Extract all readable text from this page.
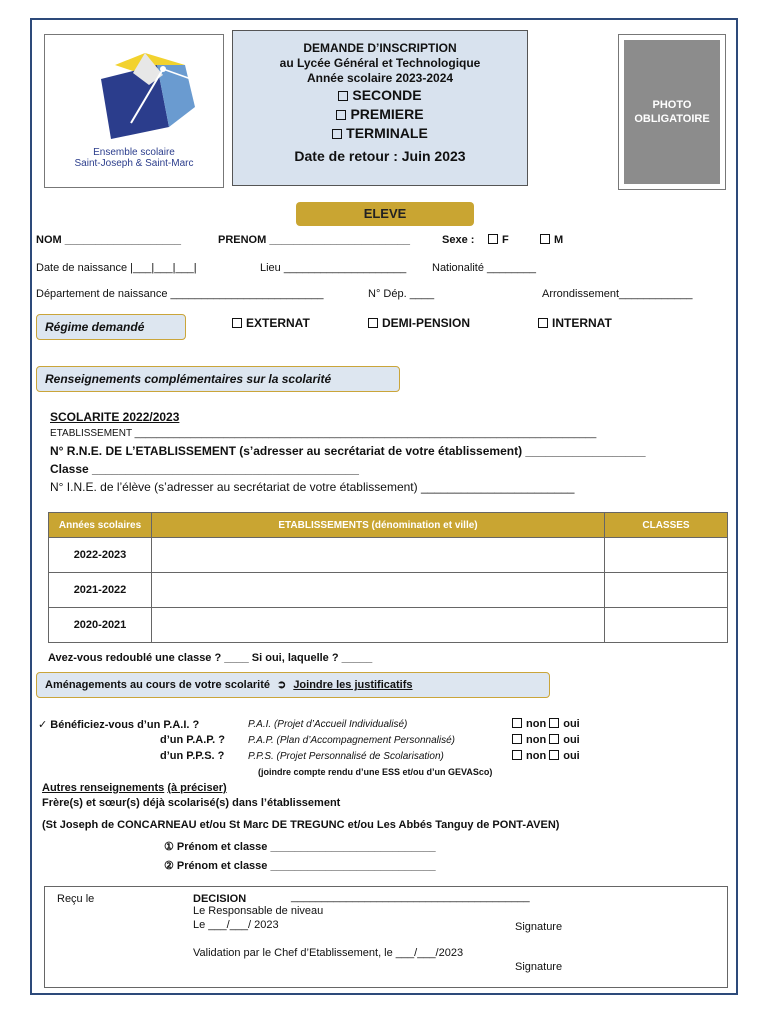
Ensemble scolaire
Saint-Joseph & Saint-Marc
DEMANDE D’INSCRIPTION
au Lycée Général et Technologique
Année scolaire 2023-2024
SECONDE
PREMIERE
TERMINALE
Date de retour : Juin 2023
PHOTO
OBLIGATOIRE
ELEVE
NOM ___________________	PRENOM _______________________	Sexe :	F	M
Date de naissance |___|___|___|	Lieu ____________________ Nationalité ________
Département de naissance _________________________	N° Dép. ____	Arrondissement____________
Régime demandé	EXTERNAT	DEMI-PENSION	INTERNAT
Renseignements complémentaires sur la scolarité
SCOLARITE 2022/2023
ETABLISSEMENT ___________________________________________________________________________________
N° R.N.E. DE L’ETABLISSEMENT (s’adresser au secrétariat de votre établissement) __________________
Classe ________________________________________
N° I.N.E. de l’élève (s’adresser au secrétariat de votre établissement) _______________________
Années scolaires	ETABLISSEMENTS (dénomination et ville)	CLASSES
2022-2023		
2021-2022		
2020-2021		
Avez-vous redoublé une classe ? ____ Si oui, laquelle ? _____
Aménagements au cours de votre scolarité ➲ Joindre les justificatifs
✓ Bénéficiez-vous d’un P.A.I. ?	P.A.I. (Projet d’Accueil Individualisé)	non oui
d’un P.A.P. ? P.A.P. (Plan d’Accompagnement Personnalisé)	non oui
d’un P.P.S. ? P.P.S. (Projet Personnalisé de Scolarisation)	non oui
(joindre compte rendu d’une ESS et/ou d’un GEVASco)
Autres renseignements (à préciser)
Frère(s) et sœur(s) déjà scolarisé(s) dans l’établissement
(St Joseph de CONCARNEAU et/ou St Marc DE TREGUNC et/ou Les Abbés Tanguy de PONT-AVEN)
① Prénom et classe ___________________________
② Prénom et classe ___________________________
Reçu le	DECISION	_______________________________________
Le Responsable de niveau
Le ___/___/ 2023	Signature
Validation par le Chef d’Etablissement, le ___/___/2023
Signature
